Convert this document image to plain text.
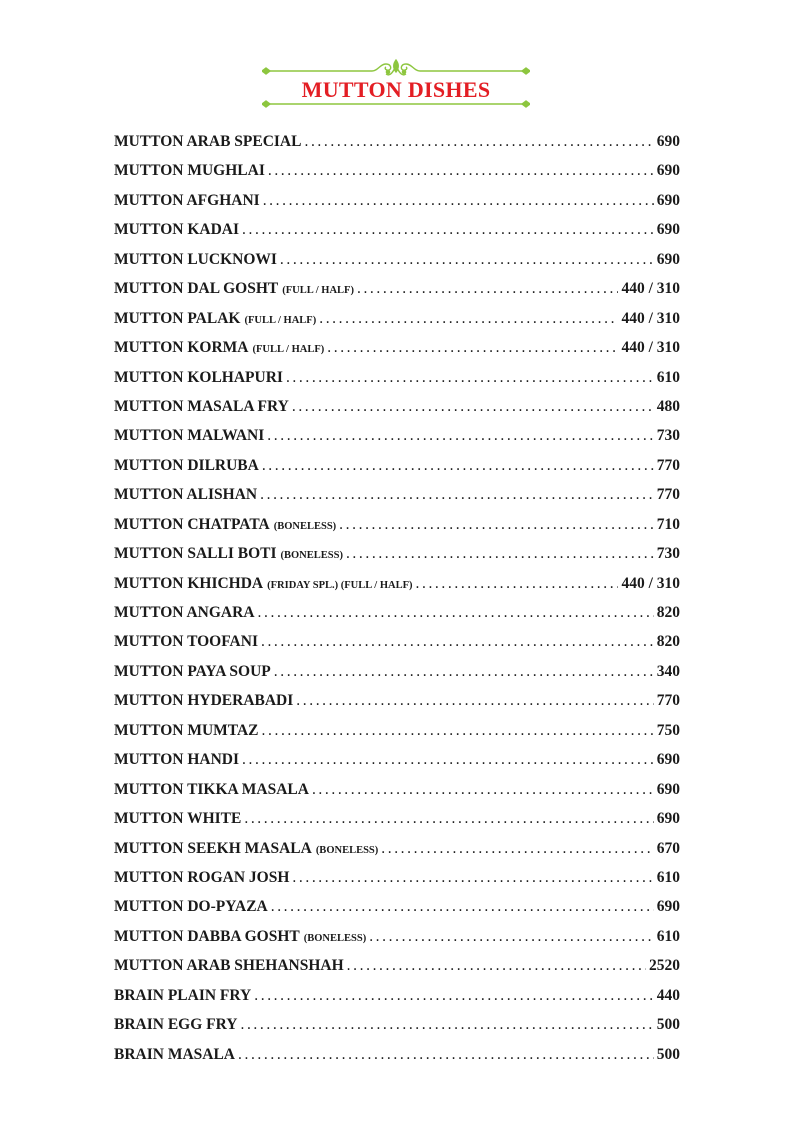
MUTTON DISHES
MUTTON ARAB SPECIAL .....	690
MUTTON MUGHLAI .....	690
MUTTON AFGHANI .....	690
MUTTON KADAI .....	690
MUTTON LUCKNOWI .....	690
MUTTON DAL GOSHT (FULL / HALF) .....	440 / 310
MUTTON PALAK (FULL / HALF) .....	440 / 310
MUTTON KORMA (FULL / HALF) .....	440 / 310
MUTTON KOLHAPURI .....	610
MUTTON MASALA FRY .....	480
MUTTON MALWANI .....	730
MUTTON DILRUBA .....	770
MUTTON ALISHAN .....	770
MUTTON CHATPATA (BONELESS) .....	710
MUTTON SALLI BOTI (BONELESS) .....	730
MUTTON KHICHDA (FRIDAY SPL.) (FULL / HALF) .....	440 / 310
MUTTON ANGARA .....	820
MUTTON TOOFANI .....	820
MUTTON PAYA SOUP .....	340
MUTTON HYDERABADI .....	770
MUTTON MUMTAZ .....	750
MUTTON HANDI .....	690
MUTTON TIKKA MASALA .....	690
MUTTON WHITE .....	690
MUTTON SEEKH MASALA (BONELESS) .....	670
MUTTON ROGAN JOSH .....	610
MUTTON DO-PYAZA .....	690
MUTTON DABBA GOSHT (BONELESS) .....	610
MUTTON ARAB SHEHANSHAH .....	2520
BRAIN PLAIN FRY .....	440
BRAIN EGG FRY .....	500
BRAIN MASALA .....	500
